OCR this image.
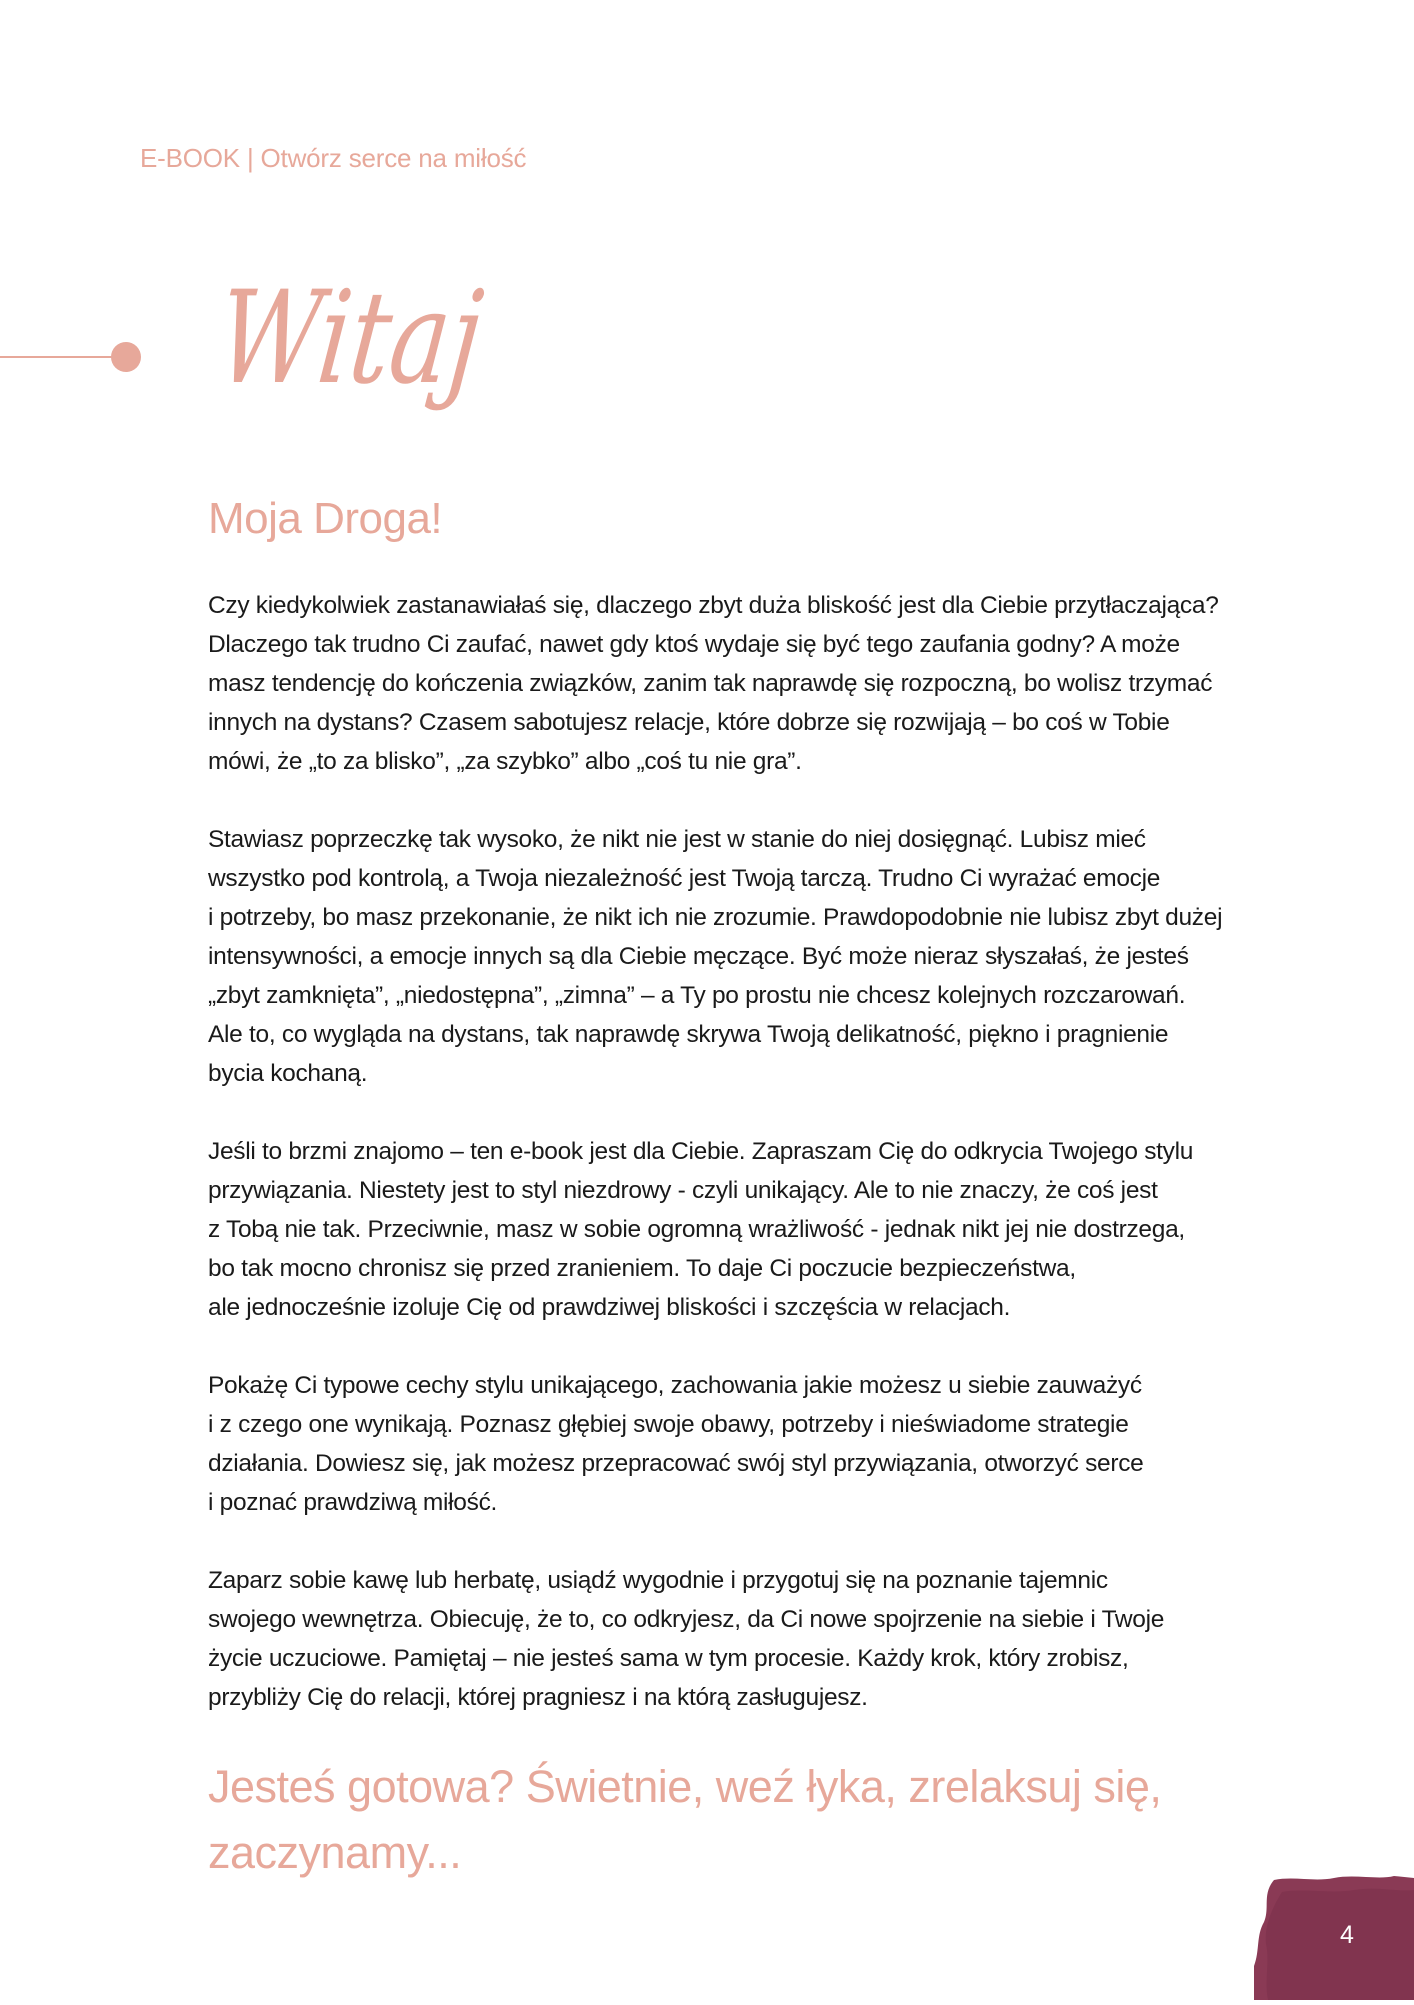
E-BOOK | Otwórz serce na miłość
Witaj
Moja Droga!
Czy kiedykolwiek zastanawiałaś się, dlaczego zbyt duża bliskość jest dla Ciebie przytłaczająca?
Dlaczego tak trudno Ci zaufać, nawet gdy ktoś wydaje się być tego zaufania godny? A może
masz tendencję do kończenia związków, zanim tak naprawdę się rozpoczną, bo wolisz trzymać
innych na dystans? Czasem sabotujesz relacje, które dobrze się rozwijają – bo coś w Tobie
mówi, że „to za blisko”, „za szybko” albo „coś tu nie gra”.
Stawiasz poprzeczkę tak wysoko, że nikt nie jest w stanie do niej dosięgnąć. Lubisz mieć
wszystko pod kontrolą, a Twoja niezależność jest Twoją tarczą. Trudno Ci wyrażać emocje
i potrzeby, bo masz przekonanie, że nikt ich nie zrozumie. Prawdopodobnie nie lubisz zbyt dużej
intensywności, a emocje innych są dla Ciebie męczące. Być może nieraz słyszałaś, że jesteś
„zbyt zamknięta”, „niedostępna”, „zimna” – a Ty po prostu nie chcesz kolejnych rozczarowań.
Ale to, co wygląda na dystans, tak naprawdę skrywa Twoją delikatność, piękno i pragnienie
bycia kochaną.
Jeśli to brzmi znajomo – ten e-book jest dla Ciebie. Zapraszam Cię do odkrycia Twojego stylu
przywiązania. Niestety jest to styl niezdrowy - czyli unikający. Ale to nie znaczy, że coś jest
z Tobą nie tak. Przeciwnie, masz w sobie ogromną wrażliwość - jednak nikt jej nie dostrzega,
bo tak mocno chronisz się przed zranieniem. To daje Ci poczucie bezpieczeństwa,
ale jednocześnie izoluje Cię od prawdziwej bliskości i szczęścia w relacjach.
Pokażę Ci typowe cechy stylu unikającego, zachowania jakie możesz u siebie zauważyć
i z czego one wynikają. Poznasz głębiej swoje obawy, potrzeby i nieświadome strategie
działania. Dowiesz się, jak możesz przepracować swój styl przywiązania, otworzyć serce
i poznać prawdziwą miłość.
Zaparz sobie kawę lub herbatę, usiądź wygodnie i przygotuj się na poznanie tajemnic
swojego wewnętrza. Obiecuję, że to, co odkryjesz, da Ci nowe spojrzenie na siebie i Twoje
życie uczuciowe. Pamiętaj – nie jesteś sama w tym procesie. Każdy krok, który zrobisz,
przybliży Cię do relacji, której pragniesz i na którą zasługujesz.
Jesteś gotowa? Świetnie, weź łyka, zrelaksuj się,
zaczynamy...
4
